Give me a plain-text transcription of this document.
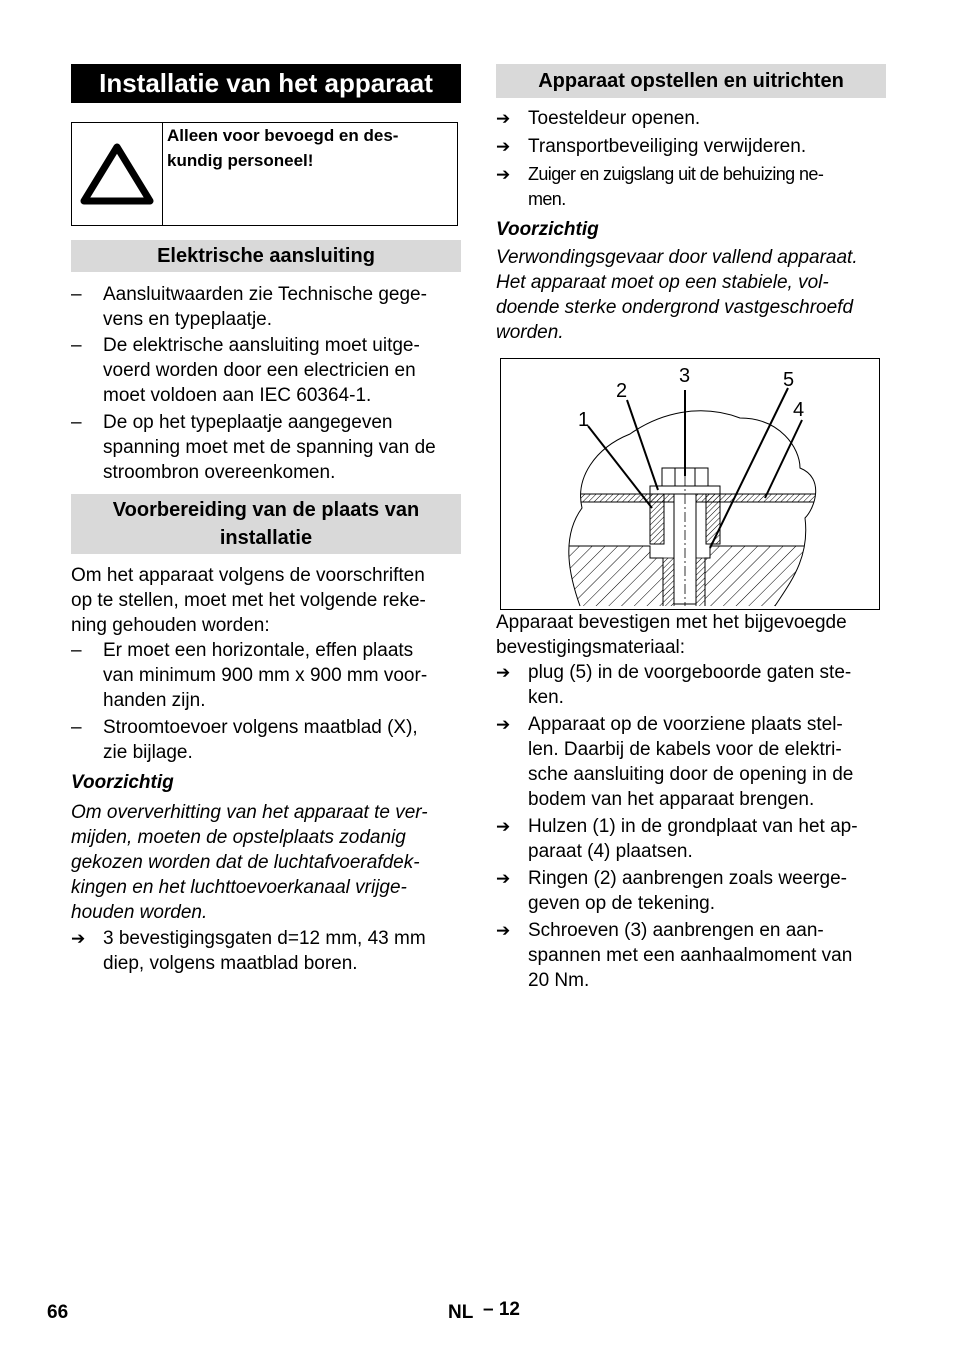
Installatie van het apparaat
Alleen voor bevoegd en des-
kundig personeel!
Elektrische aansluiting
–	Aansluitwaarden zie Technische gege-
vens en typeplaatje.
–	De elektrische aansluiting moet uitge-
voerd worden door een electricien en
moet voldoen aan IEC 60364-1.
–	De op het typeplaatje aangegeven
spanning moet met de spanning van de
stroombron overeenkomen.
Voorbereiding van de plaats van
installatie
Om het apparaat volgens de voorschriften
op te stellen, moet met het volgende reke-
ning gehouden worden:
–	Er moet een horizontale, effen plaats
van minimum 900 mm x 900 mm voor-
handen zijn.
–	Stroomtoevoer volgens maatblad (X),
zie bijlage.
Voorzichtig
Om oververhitting van het apparaat te ver-
mijden, moeten de opstelplaats zodanig
gekozen worden dat de luchtafvoerafdek-
kingen en het luchttoevoerkanaal vrijge-
houden worden.
➔ 3 bevestigingsgaten d=12 mm, 43 mm
diep, volgens maatblad boren.
Apparaat opstellen en uitrichten
➔ Toesteldeur openen.
➔ Transportbeveiliging verwijderen.
➔	Zuiger en zuigslang uit de behuizing ne-
men.
Voorzichtig
Verwondingsgevaar door vallend apparaat.
Het apparaat moet op een stabiele, vol-
doende sterke ondergrond vastgeschroefd
worden.
1
2
3
4
5
Apparaat bevestigen met het bijgevoegde
bevestigingsmateriaal:
➔ plug (5) in de voorgeboorde gaten ste-
ken.
➔ Apparaat op de voorziene plaats stel-
len. Daarbij de kabels voor de elektri-
sche aansluiting door de opening in de
bodem van het apparaat brengen.
➔ Hulzen (1) in de grondplaat van het ap-
paraat (4) plaatsen.
➔ Ringen (2) aanbrengen zoals weerge-
geven op de tekening.
➔ Schroeven (3) aanbrengen en aan-
spannen met een aanhaalmoment van
20 Nm.
66	NL – 12
